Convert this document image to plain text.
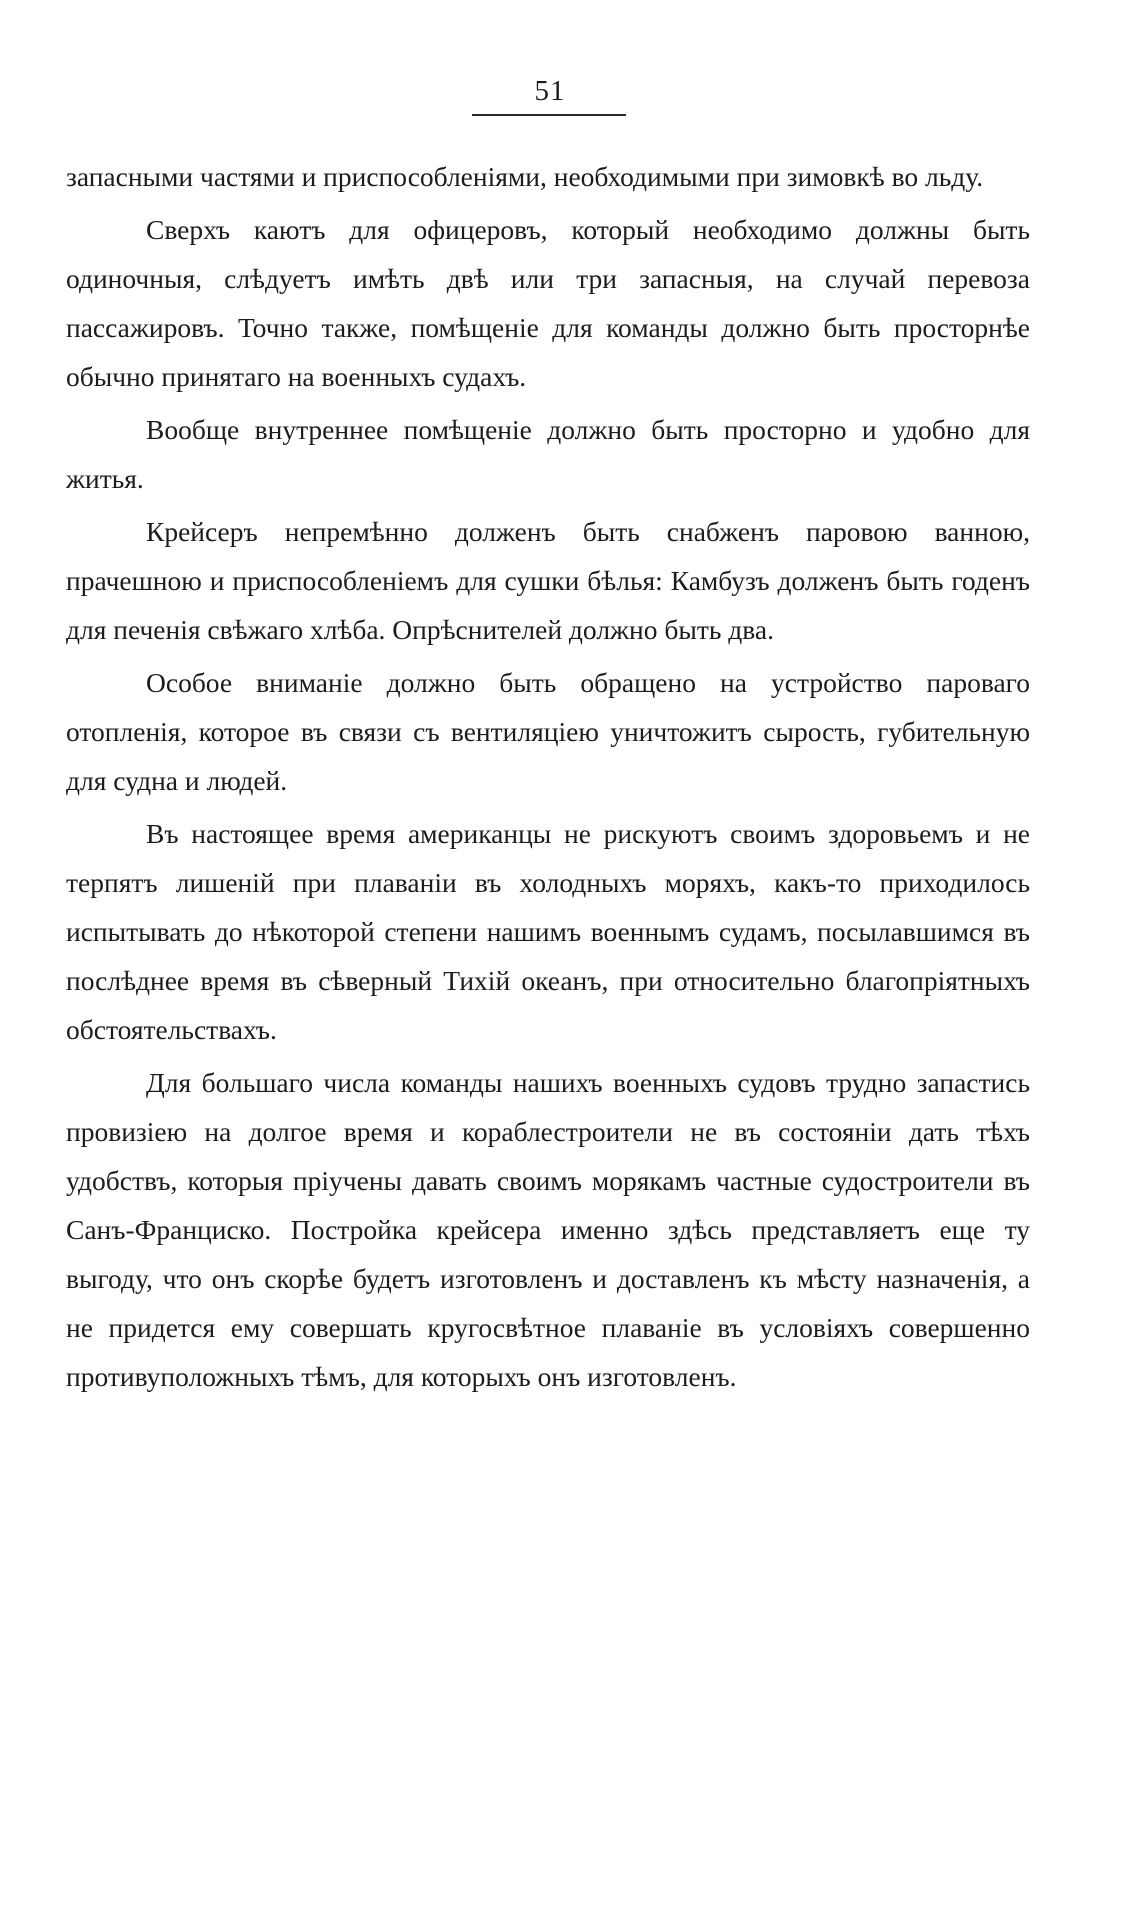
51

запасными частями и приспособленіями, необходимыми при зимовкѣ во льду.

Сверхъ каютъ для офицеровъ, который необходимо должны быть одиночныя, слѣдуетъ имѣть двѣ или три запасныя, на случай перевоза пассажировъ. Точно также, помѣщеніе для команды должно быть просторнѣе обычно принятаго на военныхъ судахъ.

Вообще внутреннее помѣщеніе должно быть просторно и удобно для житья.

Крейсеръ непремѣнно долженъ быть снабженъ паровою ванною, прачешною и приспособленіемъ для сушки бѣлья: Камбузъ долженъ быть годенъ для печенія свѣжаго хлѣба. Опрѣснителей должно быть два.

Особое вниманіе должно быть обращено на устройство пароваго отопленія, которое въ связи съ вентиляціею уничтожитъ сырость, губительную для судна и людей.

Въ настоящее время американцы не рискуютъ своимъ здоровьемъ и не терпятъ лишеній при плаваніи въ холодныхъ моряхъ, какъ-то приходилось испытывать до нѣкоторой степени нашимъ военнымъ судамъ, посылавшимся въ послѣднее время въ сѣверный Тихій океанъ, при относительно благопріятныхъ обстоятельствахъ.

Для большаго числа команды нашихъ военныхъ судовъ трудно запастись провизіею на долгое время и кораблестроители не въ состояніи дать тѣхъ удобствъ, которыя пріучены давать своимъ морякамъ частные судостроители въ Санъ-Франциско. Постройка крейсера именно здѣсь представляетъ еще ту выгоду, что онъ скорѣе будетъ изготовленъ и доставленъ къ мѣсту назначенія, а не придется ему совершать кругосвѣтное плаваніе въ условіяхъ совершенно противуположныхъ тѣмъ, для которыхъ онъ изготовленъ.
